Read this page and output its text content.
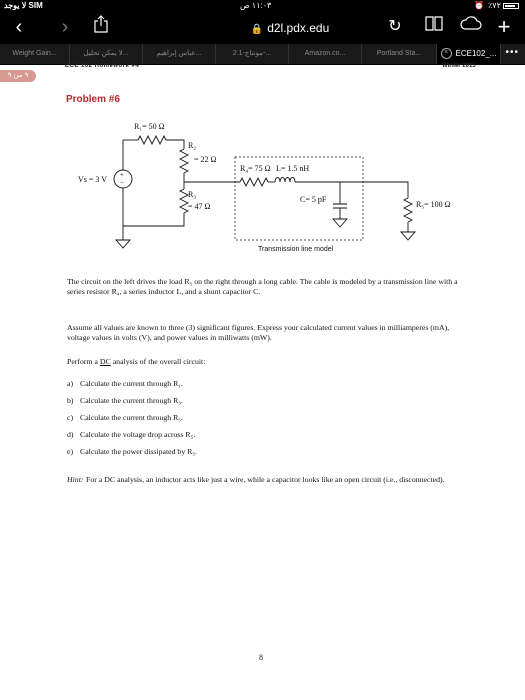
لا يوجد SIM	١١:٠٣ ص	⏰ ٪٧٢
‹	›	🔒 d2l.pdx.edu	↻	+
Weight Gain...	لا يمكن تحليل...	عباس إبراهيم...	مونتاج-2.1-...	Amazon.co...	Portland Sta...	× ECE102_... •••
ECE 102 Homework #4	Winter 2015
٩ من ٩
Problem #6
+
−
R₁= 50 Ω
R₂
= 22 Ω
R₃
= 47 Ω
Vs = 3 V
R₄= 75 Ω L= 1.5 nH
C= 5 pF
R₅= 100 Ω
Transmission line model
The circuit on the left drives the load R₅ on the right through a long cable. The cable is modeled by a transmission line with a series resistor R₄, a series inductor L, and a shunt capacitor C.
Assume all values are known to three (3) significant figures. Express your calculated current values in milliamperes (mA), voltage values in volts (V), and power values in milliwatts (mW).
Perform a DC analysis of the overall circuit:
a) Calculate the current through R₁.
b) Calculate the current through R₃.
c) Calculate the current through R₅.
d) Calculate the voltage drop across R₅.
e) Calculate the power dissipated by R₅.
Hint: For a DC analysis, an inductor acts like just a wire, while a capacitor looks like an open circuit (i.e., disconnected).
8
